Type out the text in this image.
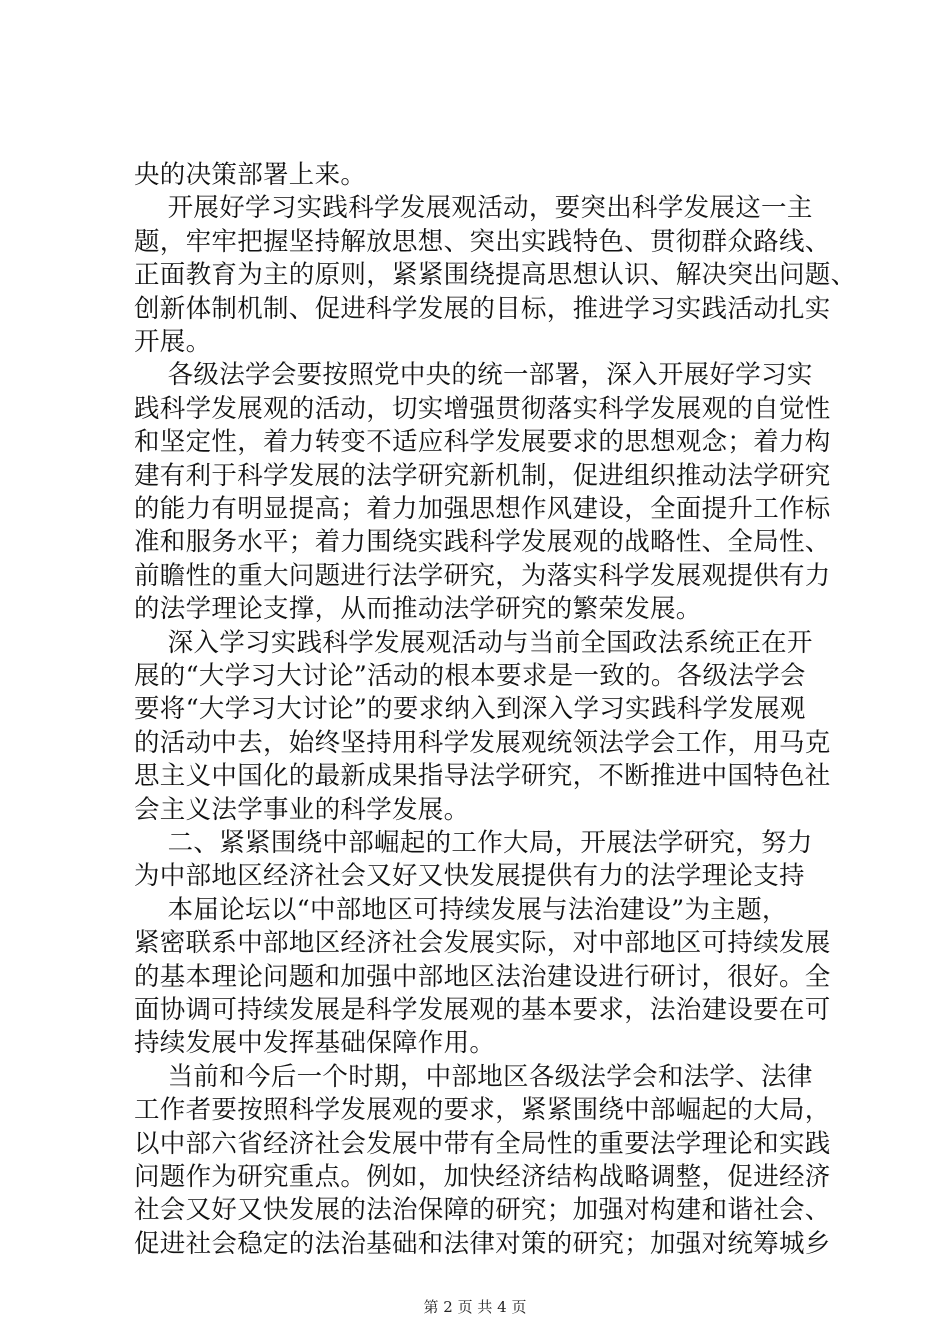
央的决策部署上来。
开展好学习实践科学发展观活动，要突出科学发展这一主
题，牢牢把握坚持解放思想、突出实践特色、贯彻群众路线、
正面教育为主的原则，紧紧围绕提高思想认识、解决突出问题、
创新体制机制、促进科学发展的目标，推进学习实践活动扎实
开展。
各级法学会要按照党中央的统一部署，深入开展好学习实
践科学发展观的活动，切实增强贯彻落实科学发展观的自觉性
和坚定性，着力转变不适应科学发展要求的思想观念；着力构
建有利于科学发展的法学研究新机制，促进组织推动法学研究
的能力有明显提高；着力加强思想作风建设，全面提升工作标
准和服务水平；着力围绕实践科学发展观的战略性、全局性、
前瞻性的重大问题进行法学研究，为落实科学发展观提供有力
的法学理论支撑，从而推动法学研究的繁荣发展。
深入学习实践科学发展观活动与当前全国政法系统正在开
展的“大学习大讨论”活动的根本要求是一致的。各级法学会
要将“大学习大讨论”的要求纳入到深入学习实践科学发展观
的活动中去，始终坚持用科学发展观统领法学会工作，用马克
思主义中国化的最新成果指导法学研究，不断推进中国特色社
会主义法学事业的科学发展。
二、紧紧围绕中部崛起的工作大局，开展法学研究，努力
为中部地区经济社会又好又快发展提供有力的法学理论支持
本届论坛以“中部地区可持续发展与法治建设”为主题，
紧密联系中部地区经济社会发展实际，对中部地区可持续发展
的基本理论问题和加强中部地区法治建设进行研讨，很好。全
面协调可持续发展是科学发展观的基本要求，法治建设要在可
持续发展中发挥基础保障作用。
当前和今后一个时期，中部地区各级法学会和法学、法律
工作者要按照科学发展观的要求，紧紧围绕中部崛起的大局，
以中部六省经济社会发展中带有全局性的重要法学理论和实践
问题作为研究重点。例如，加快经济结构战略调整，促进经济
社会又好又快发展的法治保障的研究；加强对构建和谐社会、
促进社会稳定的法治基础和法律对策的研究；加强对统筹城乡
第 2 页 共 4 页
